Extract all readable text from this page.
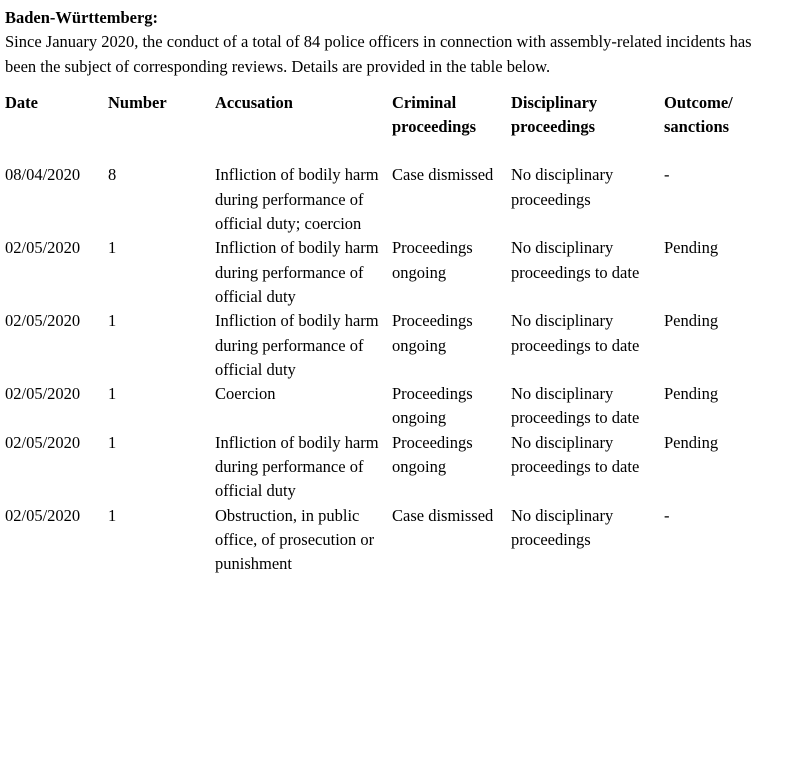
Baden-Württemberg:

Since January 2020, the conduct of a total of 84 police officers in connection with assembly-related incidents has been the subject of corresponding reviews. Details are provided in the table below.

Date	Number	Accusation	Criminal proceedings	Disciplinary proceedings	Outcome/ sanctions
08/04/2020	8	Infliction of bodily harm during performance of official duty; coercion	Case dismissed	No disciplinary proceedings	-
02/05/2020	1	Infliction of bodily harm during performance of official duty	Proceedings ongoing	No disciplinary proceedings to date	Pending
02/05/2020	1	Infliction of bodily harm during performance of official duty	Proceedings ongoing	No disciplinary proceedings to date	Pending
02/05/2020	1	Coercion	Proceedings ongoing	No disciplinary proceedings to date	Pending
02/05/2020	1	Infliction of bodily harm during performance of official duty	Proceedings ongoing	No disciplinary proceedings to date	Pending
02/05/2020	1	Obstruction, in public office, of prosecution or punishment	Case dismissed	No disciplinary proceedings	-
